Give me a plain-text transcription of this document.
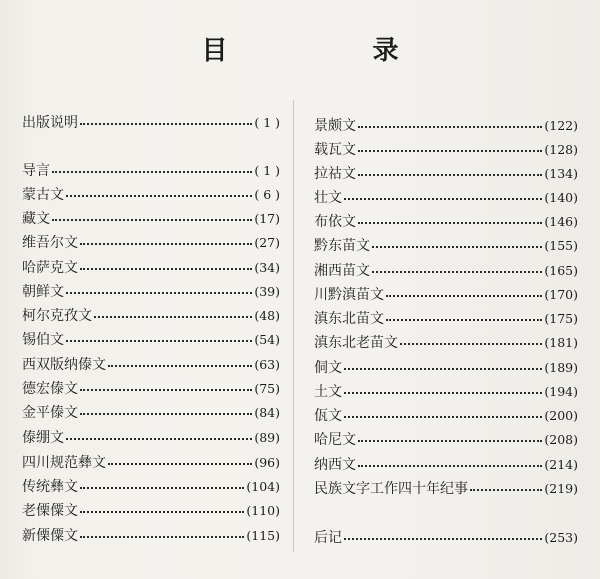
目 录
出版说明	( 1 )
导言	( 1 )
蒙古文	( 6 )
藏文	(17)
维吾尔文	(27)
哈萨克文	(34)
朝鲜文	(39)
柯尔克孜文	(48)
锡伯文	(54)
西双版纳傣文	(63)
德宏傣文	(75)
金平傣文	(84)
傣绷文	(89)
四川规范彝文	(96)
传统彝文	(104)
老傈僳文	(110)
新傈僳文	(115)
景颇文	(122)
载瓦文	(128)
拉祜文	(134)
壮文	(140)
布依文	(146)
黔东苗文	(155)
湘西苗文	(165)
川黔滇苗文	(170)
滇东北苗文	(175)
滇东北老苗文	(181)
侗文	(189)
土文	(194)
佤文	(200)
哈尼文	(208)
纳西文	(214)
民族文字工作四十年纪事	(219)
后记	(253)
